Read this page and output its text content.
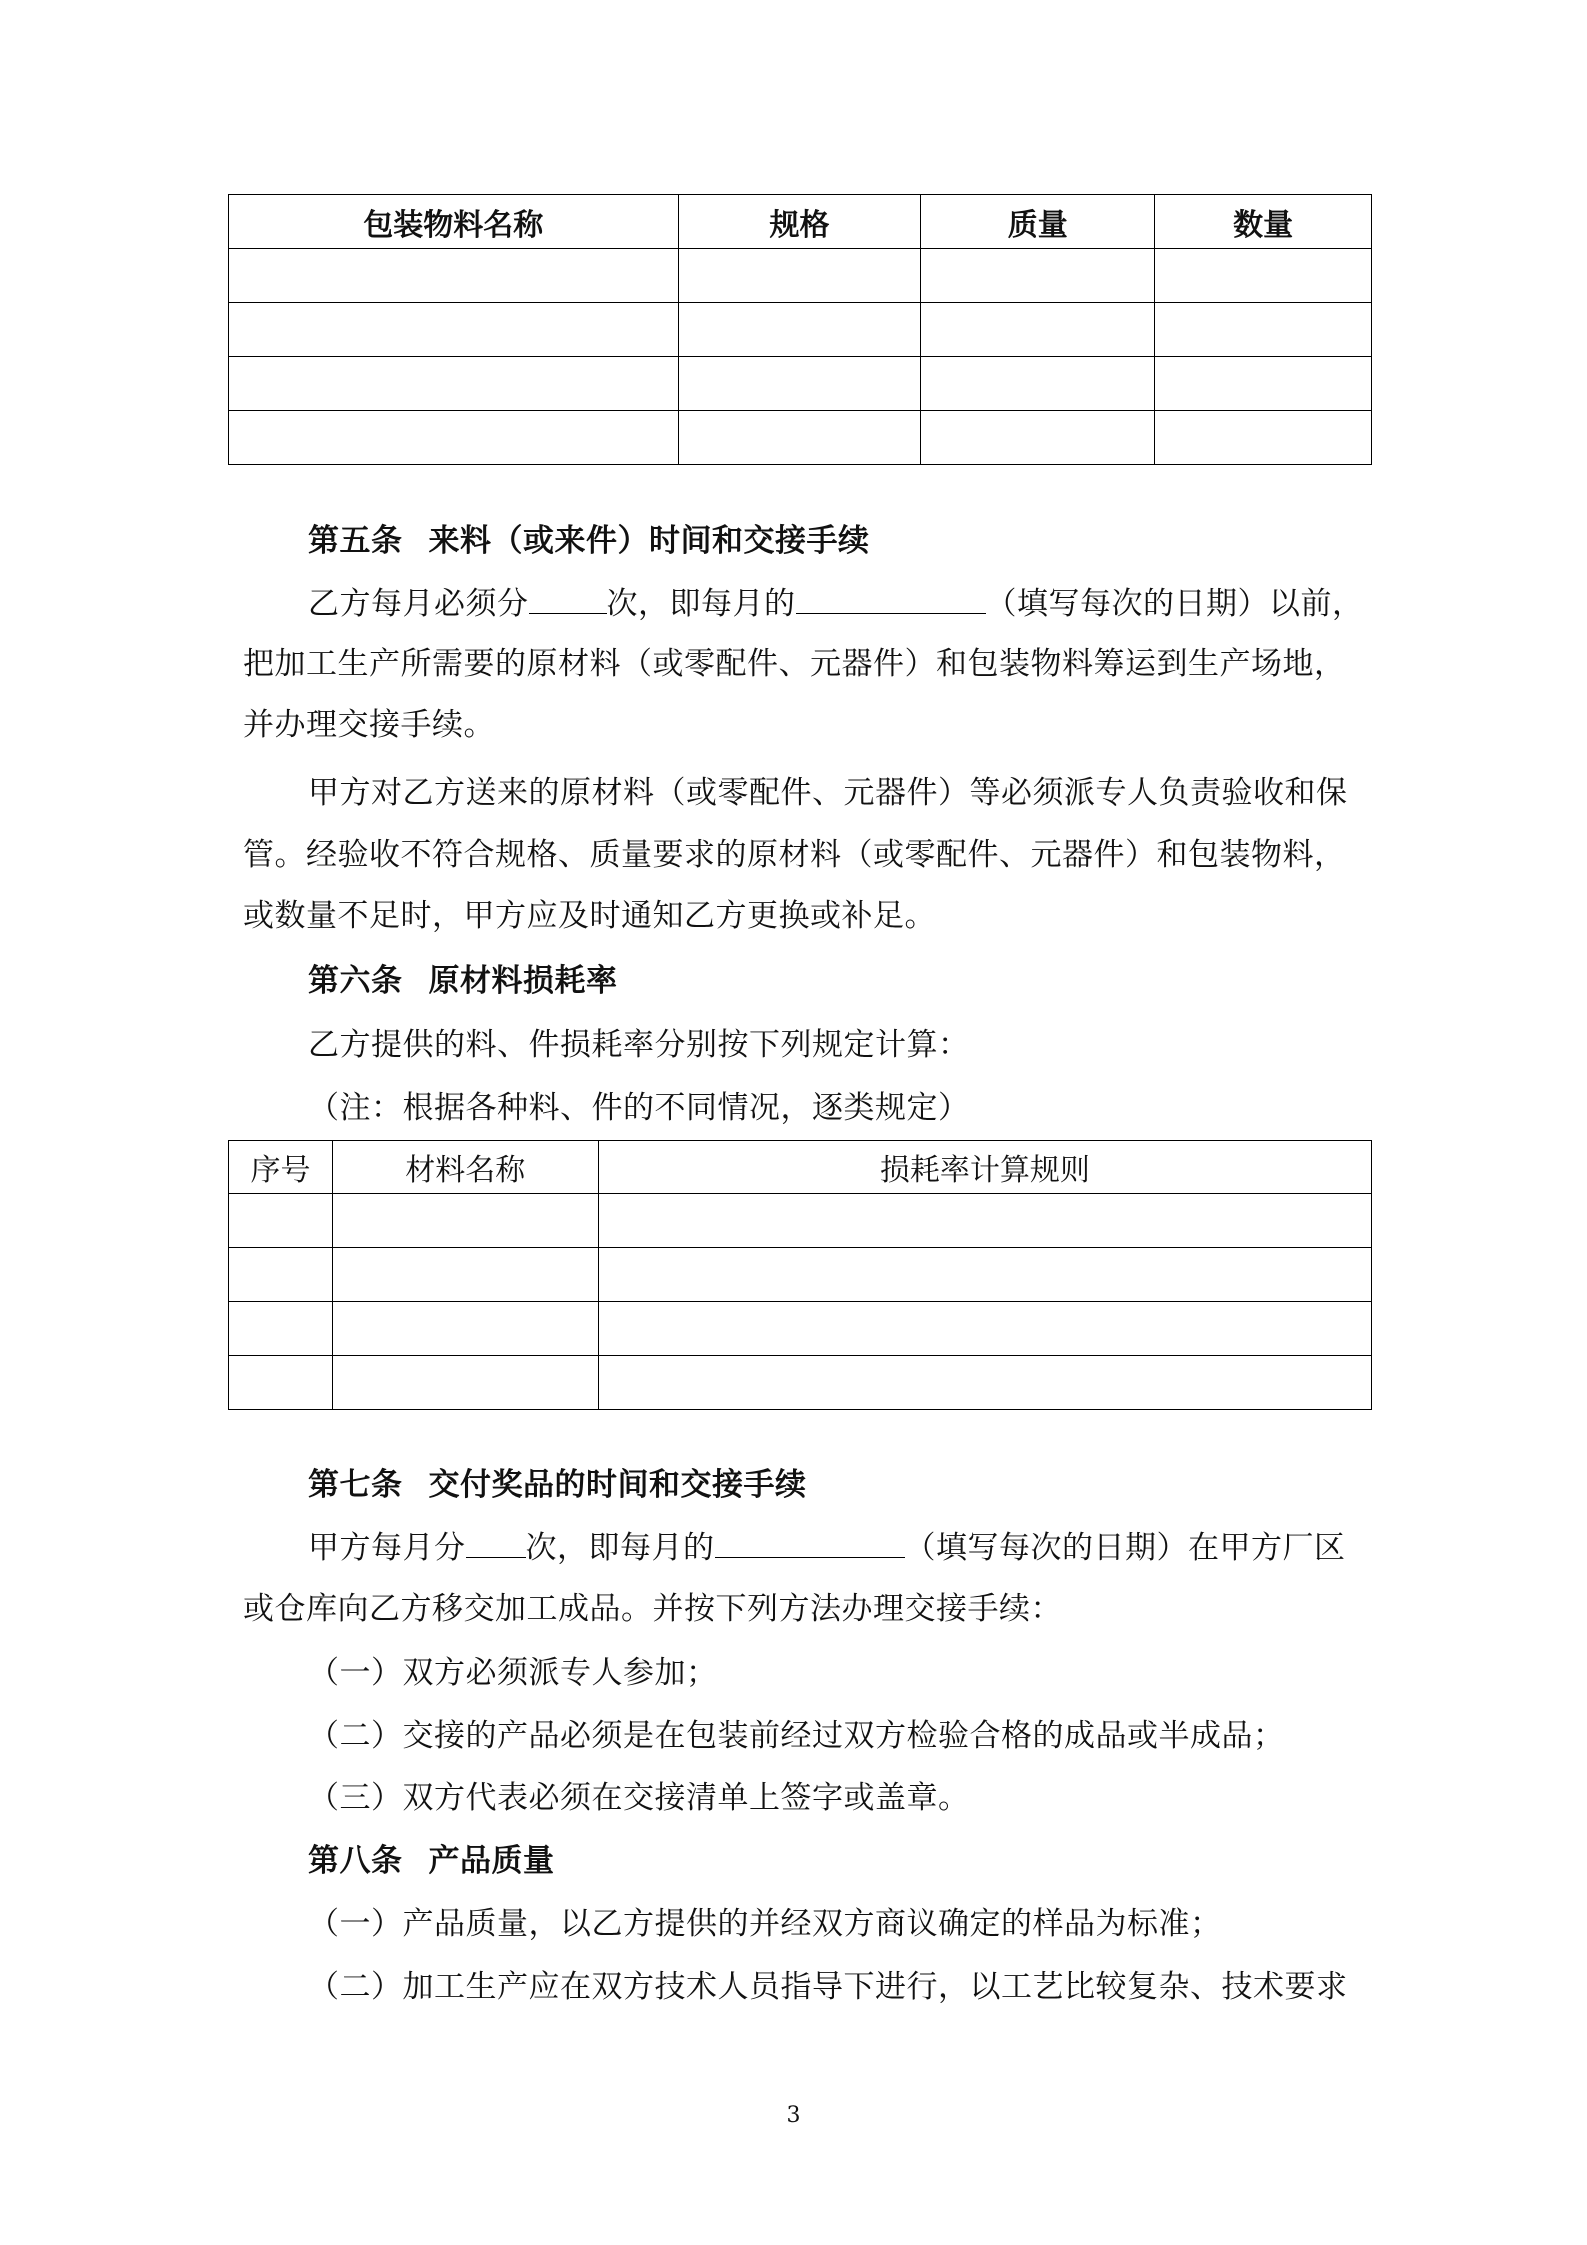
包装物料名称	规格	质量	数量

第五条 来料（或来件）时间和交接手续
乙方每月必须分	次，即每月的	（填写每次的日期）以前，
把加工生产所需要的原材料（或零配件、元器件）和包装物料筹运到生产场地，
并办理交接手续。
甲方对乙方送来的原材料（或零配件、元器件）等必须派专人负责验收和保
管。经验收不符合规格、质量要求的原材料（或零配件、元器件）和包装物料，
或数量不足时，甲方应及时通知乙方更换或补足。
第六条 原材料损耗率
乙方提供的料、件损耗率分别按下列规定计算：
（注：根据各种料、件的不同情况，逐类规定）
序号	材料名称	损耗率计算规则

第七条 交付奖品的时间和交接手续
甲方每月分 次，即每月的	（填写每次的日期）在甲方厂区
或仓库向乙方移交加工成品。并按下列方法办理交接手续：
（一）双方必须派专人参加；
（二）交接的产品必须是在包装前经过双方检验合格的成品或半成品；
（三）双方代表必须在交接清单上签字或盖章。
第八条 产品质量
（一）产品质量，以乙方提供的并经双方商议确定的样品为标准；
（二）加工生产应在双方技术人员指导下进行，以工艺比较复杂、技术要求
3
